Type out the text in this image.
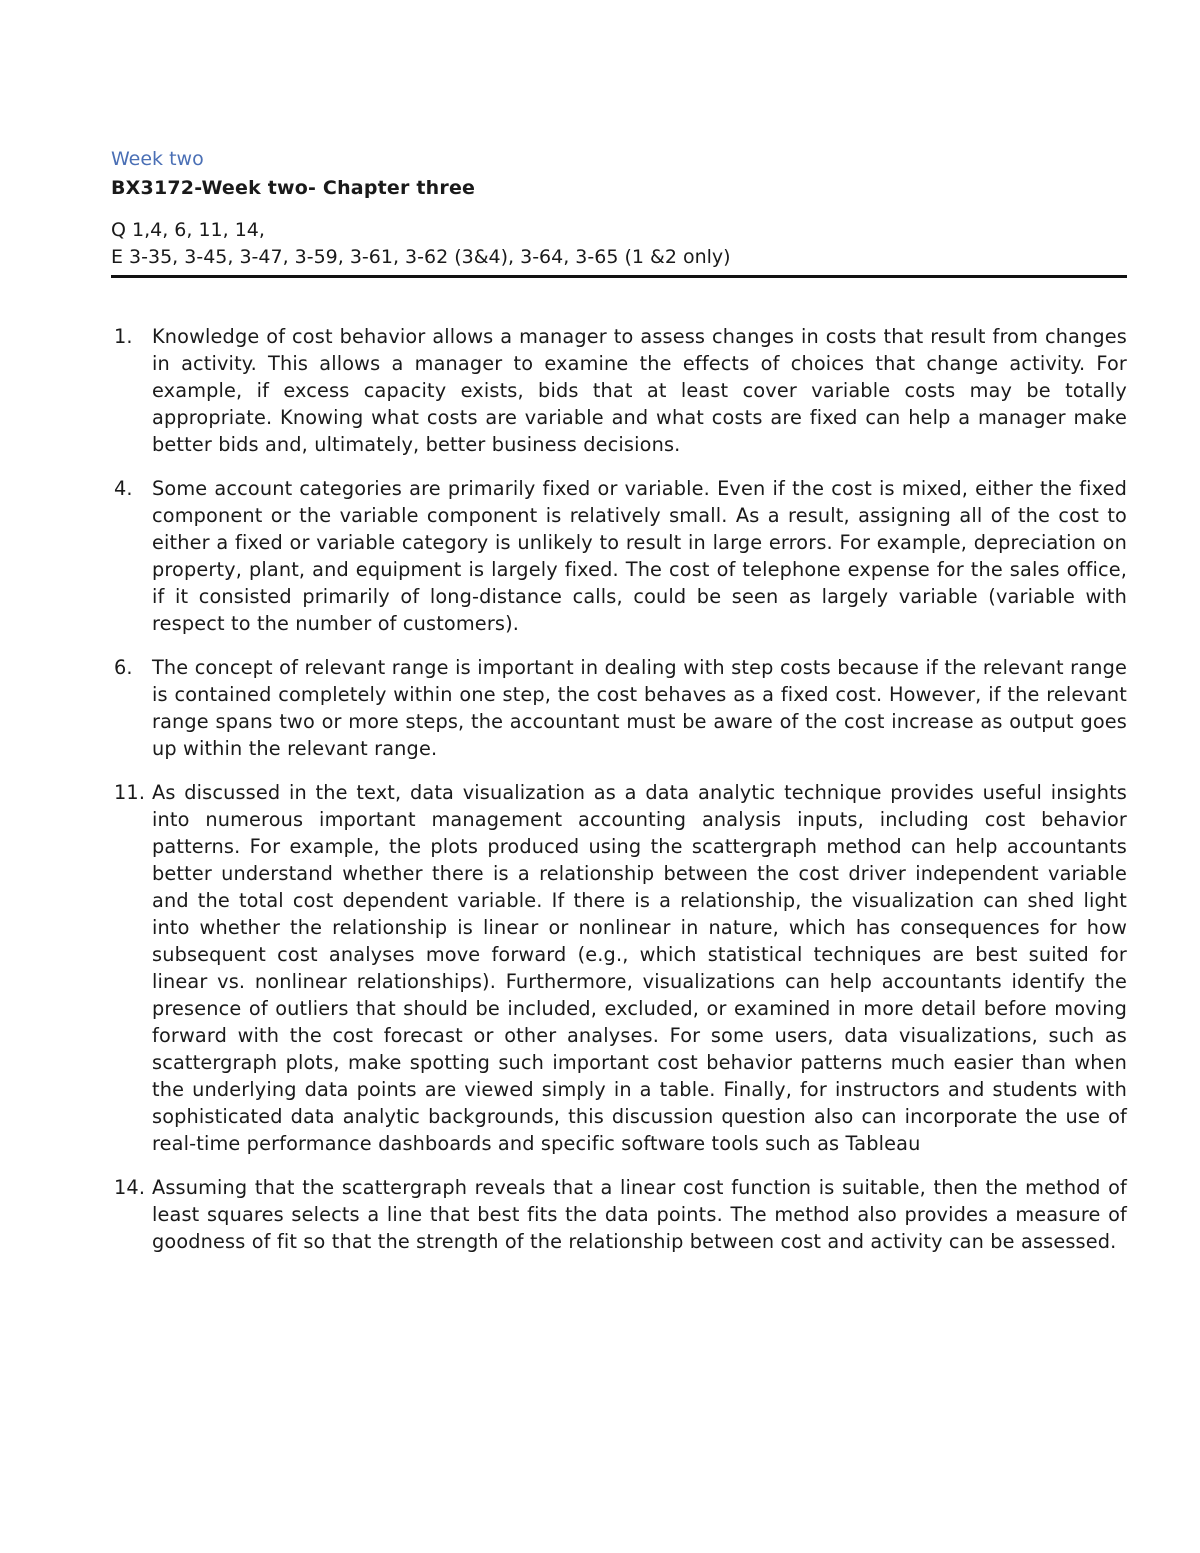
Week two

BX3172-Week two- Chapter three

Q 1,4, 6, 11, 14,

E 3-35, 3-45, 3-47, 3-59, 3-61, 3-62 (3&4), 3-64, 3-65 (1 &2 only)

1. Knowledge of cost behavior allows a manager to assess changes in costs that result from changes in activity. This allows a manager to examine the effects of choices that change activity. For example, if excess capacity exists, bids that at least cover variable costs may be totally appropriate. Knowing what costs are variable and what costs are fixed can help a manager make better bids and, ultimately, better business decisions.
4. Some account categories are primarily fixed or variable. Even if the cost is mixed, either the fixed component or the variable component is relatively small. As a result, assigning all of the cost to either a fixed or variable category is unlikely to result in large errors. For example, depreciation on property, plant, and equipment is largely fixed. The cost of telephone expense for the sales office, if it consisted primarily of long-distance calls, could be seen as largely variable (variable with respect to the number of customers).
6. The concept of relevant range is important in dealing with step costs because if the relevant range is contained completely within one step, the cost behaves as a fixed cost. However, if the relevant range spans two or more steps, the accountant must be aware of the cost increase as output goes up within the relevant range.
11. As discussed in the text, data visualization as a data analytic technique provides useful insights into numerous important management accounting analysis inputs, including cost behavior patterns. For example, the plots produced using the scattergraph method can help accountants better understand whether there is a relationship between the cost driver independent variable and the total cost dependent variable. If there is a relationship, the visualization can shed light into whether the relationship is linear or nonlinear in nature, which has consequences for how subsequent cost analyses move forward (e.g., which statistical techniques are best suited for linear vs. nonlinear relationships). Furthermore, visualizations can help accountants identify the presence of outliers that should be included, excluded, or examined in more detail before moving forward with the cost forecast or other analyses. For some users, data visualizations, such as scattergraph plots, make spotting such important cost behavior patterns much easier than when the underlying data points are viewed simply in a table. Finally, for instructors and students with sophisticated data analytic backgrounds, this discussion question also can incorporate the use of real-time performance dashboards and specific software tools such as Tableau
14. Assuming that the scattergraph reveals that a linear cost function is suitable, then the method of least squares selects a line that best fits the data points. The method also provides a measure of goodness of fit so that the strength of the relationship between cost and activity can be assessed.
